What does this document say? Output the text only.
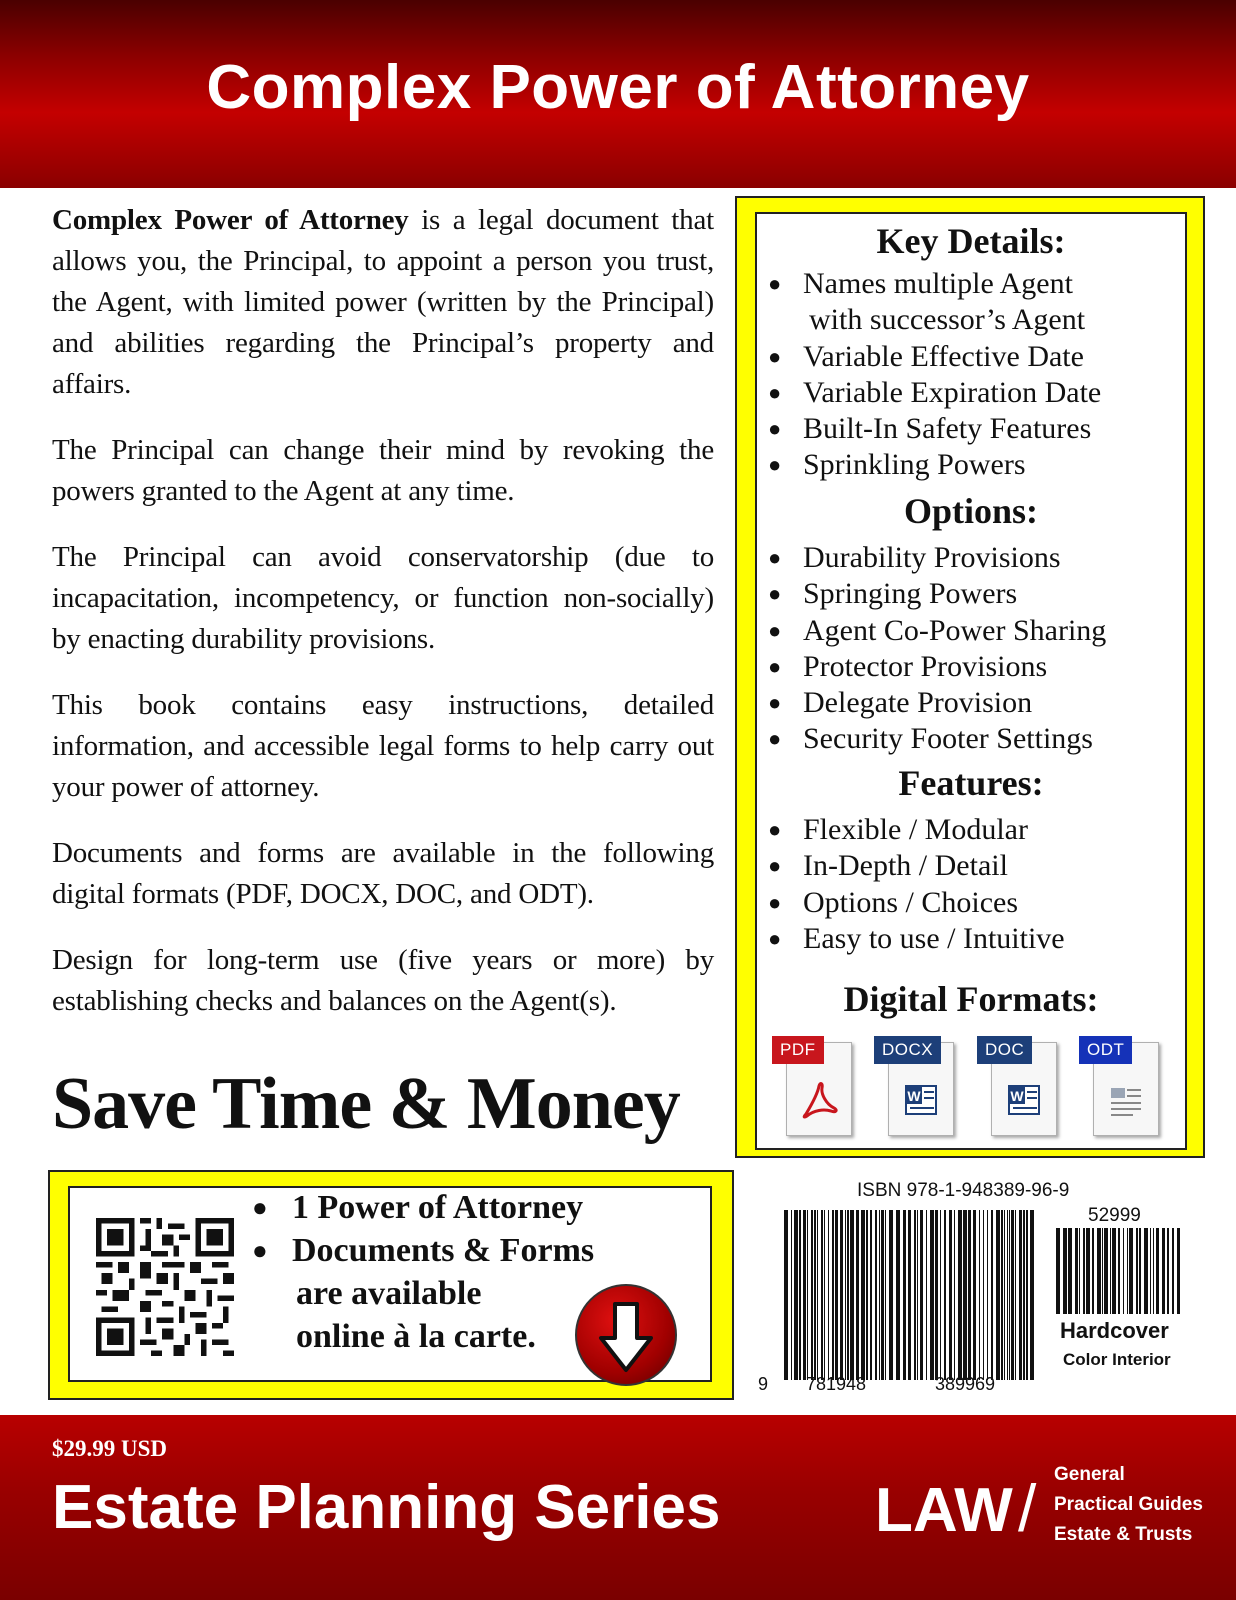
Complex Power of Attorney

Complex Power of Attorney is a legal document that allows you, the Principal, to appoint a person you trust, the Agent, with limited power (written by the Principal) and abilities regarding the Principal’s property and affairs.

The Principal can change their mind by revoking the powers granted to the Agent at any time.

The Principal can avoid conservatorship (due to incapacitation, incompetency, or function non-socially) by enacting durability provisions.

This book contains easy instructions, detailed information, and accessible legal forms to help carry out your power of attorney.

Documents and forms are available in the following digital formats (PDF, DOCX, DOC, and ODT).

Design for long-term use (five years or more) by establishing checks and balances on the Agent(s).

Save Time & Money
Key Details:
● Names multiple Agent
with successor’s Agent
● Variable Effective Date
● Variable Expiration Date
● Built-In Safety Features
● Sprinkling Powers
Options:
● Durability Provisions
● Springing Powers
● Agent Co-Power Sharing
● Protector Provisions
● Delegate Provision
● Security Footer Settings
Features:
● Flexible / Modular
● In-Depth / Detail
● Options / Choices
● Easy to use / Intuitive
Digital Formats:
PDF	DOCX
W
DOC
W
ODT
● 1 Power of Attorney
● Documents & Forms
are available
online à la carte.
ISBN 978-1-948389-96-9
52999
9 781948	389969
Hardcover
Color Interior
$29.99 USD
Estate Planning Series LAW / General
Practical Guides
Estate & Trusts
